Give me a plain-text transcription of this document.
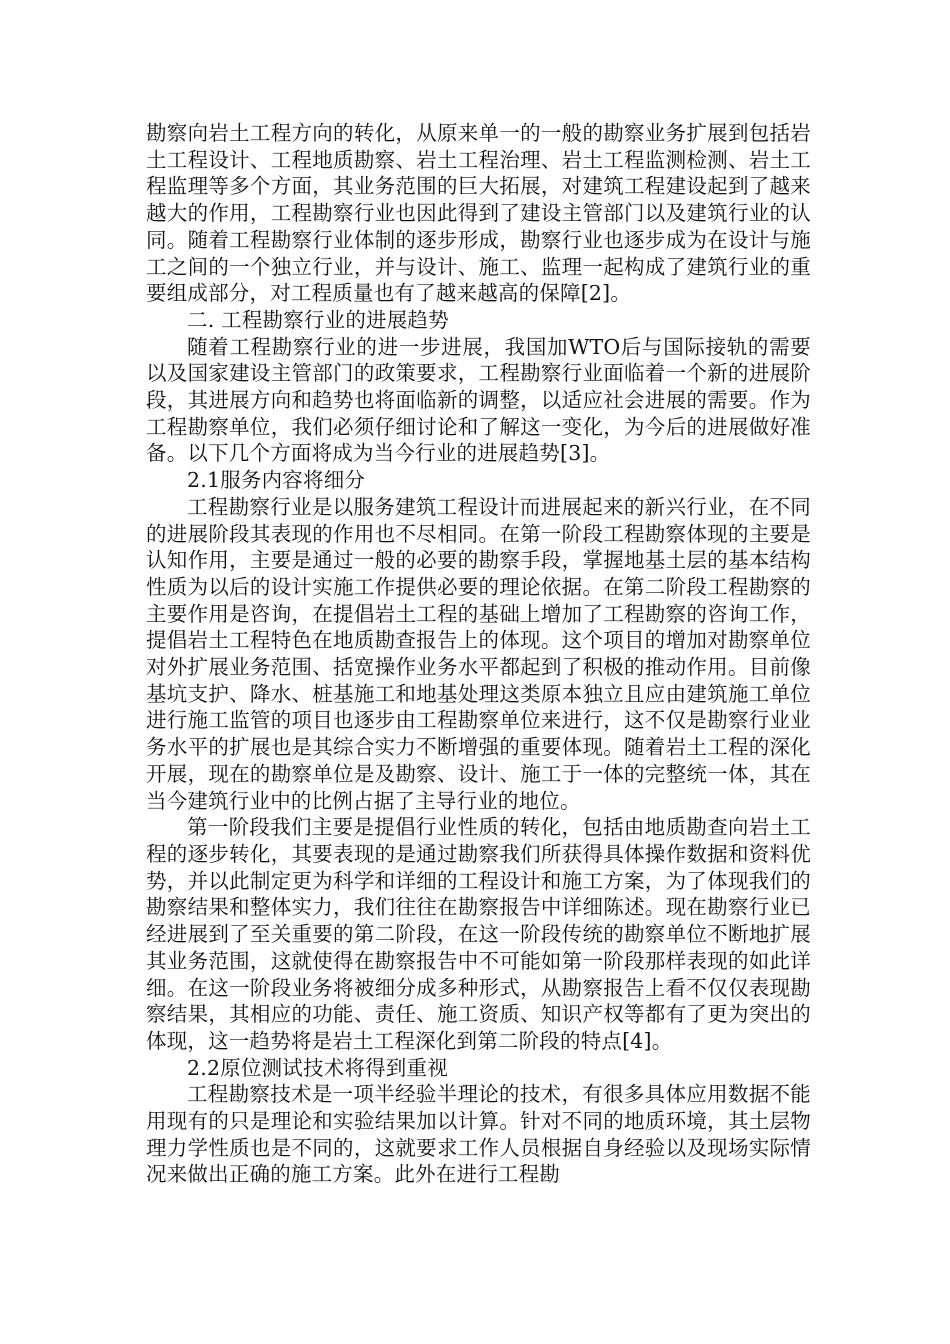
勘察向岩土工程方向的转化，从原来单一的一般的勘察业务扩展到包括岩土工程设计、工程地质勘察、岩土工程治理、岩土工程监测检测、岩土工程监理等多个方面，其业务范围的巨大拓展，对建筑工程建设起到了越来越大的作用，工程勘察行业也因此得到了建设主管部门以及建筑行业的认同。随着工程勘察行业体制的逐步形成，勘察行业也逐步成为在设计与施工之间的一个独立行业，并与设计、施工、监理一起构成了建筑行业的重要组成部分，对工程质量也有了越来越高的保障[2]。

二. 工程勘察行业的进展趋势

随着工程勘察行业的进一步进展，我国加WTO后与国际接轨的需要以及国家建设主管部门的政策要求，工程勘察行业面临着一个新的进展阶段，其进展方向和趋势也将面临新的调整，以适应社会进展的需要。作为工程勘察单位，我们必须仔细讨论和了解这一变化，为今后的进展做好准备。以下几个方面将成为当今行业的进展趋势[3]。

2.1服务内容将细分

工程勘察行业是以服务建筑工程设计而进展起来的新兴行业，在不同的进展阶段其表现的作用也不尽相同。在第一阶段工程勘察体现的主要是认知作用，主要是通过一般的必要的勘察手段，掌握地基土层的基本结构性质为以后的设计实施工作提供必要的理论依据。在第二阶段工程勘察的主要作用是咨询，在提倡岩土工程的基础上增加了工程勘察的咨询工作，提倡岩土工程特色在地质勘查报告上的体现。这个项目的增加对勘察单位对外扩展业务范围、括宽操作业务水平都起到了积极的推动作用。目前像基坑支护、降水、桩基施工和地基处理这类原本独立且应由建筑施工单位进行施工监管的项目也逐步由工程勘察单位来进行，这不仅是勘察行业业务水平的扩展也是其综合实力不断增强的重要体现。随着岩土工程的深化开展，现在的勘察单位是及勘察、设计、施工于一体的完整统一体，其在当今建筑行业中的比例占据了主导行业的地位。

第一阶段我们主要是提倡行业性质的转化，包括由地质勘查向岩土工程的逐步转化，其要表现的是通过勘察我们所获得具体操作数据和资料优势，并以此制定更为科学和详细的工程设计和施工方案，为了体现我们的勘察结果和整体实力，我们往往在勘察报告中详细陈述。现在勘察行业已经进展到了至关重要的第二阶段，在这一阶段传统的勘察单位不断地扩展其业务范围，这就使得在勘察报告中不可能如第一阶段那样表现的如此详细。在这一阶段业务将被细分成多种形式，从勘察报告上看不仅仅表现勘察结果，其相应的功能、责任、施工资质、知识产权等都有了更为突出的体现，这一趋势将是岩土工程深化到第二阶段的特点[4]。

2.2原位测试技术将得到重视

工程勘察技术是一项半经验半理论的技术，有很多具体应用数据不能用现有的只是理论和实验结果加以计算。针对不同的地质环境，其土层物理力学性质也是不同的，这就要求工作人员根据自身经验以及现场实际情况来做出正确的施工方案。此外在进行工程勘
